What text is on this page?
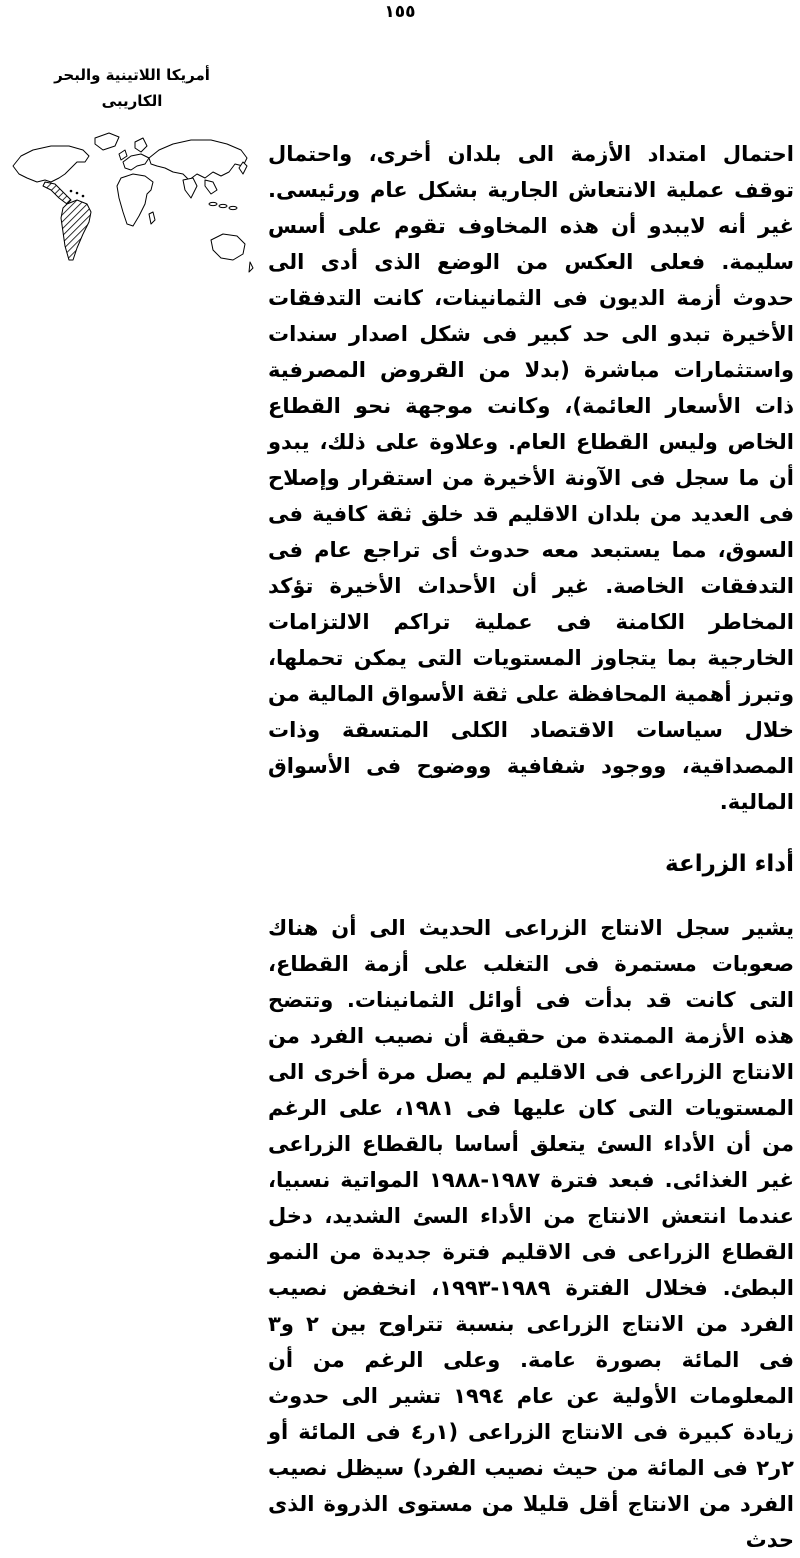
١٥٥
أمريكا اللاتينية والبحر
الكاريبى

احتمال امتداد الأزمة الى بلدان أخرى، واحتمال توقف عملية الانتعاش الجارية بشكل عام ورئيسى. غير أنه لايبدو أن هذه المخاوف تقوم على أسس سليمة. فعلى العكس من الوضع الذى أدى الى حدوث أزمة الديون فى الثمانينات، كانت التدفقات الأخيرة تبدو الى حد كبير فى شكل اصدار سندات واستثمارات مباشرة (بدلا من القروض المصرفية ذات الأسعار العائمة)، وكانت موجهة نحو القطاع الخاص وليس القطاع العام. وعلاوة على ذلك، يبدو أن ما سجل فى الآونة الأخيرة من استقرار وإصلاح فى العديد من بلدان الاقليم قد خلق ثقة كافية فى السوق، مما يستبعد معه حدوث أى تراجع عام فى التدفقات الخاصة. غير أن الأحداث الأخيرة تؤكد المخاطر الكامنة فى عملية تراكم الالتزامات الخارجية بما يتجاوز المستويات التى يمكن تحملها، وتبرز أهمية المحافظة على ثقة الأسواق المالية من خلال سياسات الاقتصاد الكلى المتسقة وذات المصداقية، ووجود شفافية ووضوح فى الأسواق المالية.

أداء الزراعة

يشير سجل الانتاج الزراعى الحديث الى أن هناك صعوبات مستمرة فى التغلب على أزمة القطاع، التى كانت قد بدأت فى أوائل الثمانينات. وتتضح هذه الأزمة الممتدة من حقيقة أن نصيب الفرد من الانتاج الزراعى فى الاقليم لم يصل مرة أخرى الى المستويات التى كان عليها فى ١٩٨١، على الرغم من أن الأداء السئ يتعلق أساسا بالقطاع الزراعى غير الغذائى. فبعد فترة ١٩٨٧-١٩٨٨ المواتية نسبيا، عندما انتعش الانتاج من الأداء السئ الشديد، دخل القطاع الزراعى فى الاقليم فترة جديدة من النمو البطئ. فخلال الفترة ١٩٨٩-١٩٩٣، انخفض نصيب الفرد من الانتاج الزراعى بنسبة تتراوح بين ٢ و٣ فى المائة بصورة عامة. وعلى الرغم من أن المعلومات الأولية عن عام ١٩٩٤ تشير الى حدوث زيادة كبيرة فى الانتاج الزراعى (١ر٤ فى المائة أو ٢ر٢ فى المائة من حيث نصيب الفرد) سيظل نصيب الفرد من الانتاج أقل قليلا من مستوى الذروة الذى حدث
